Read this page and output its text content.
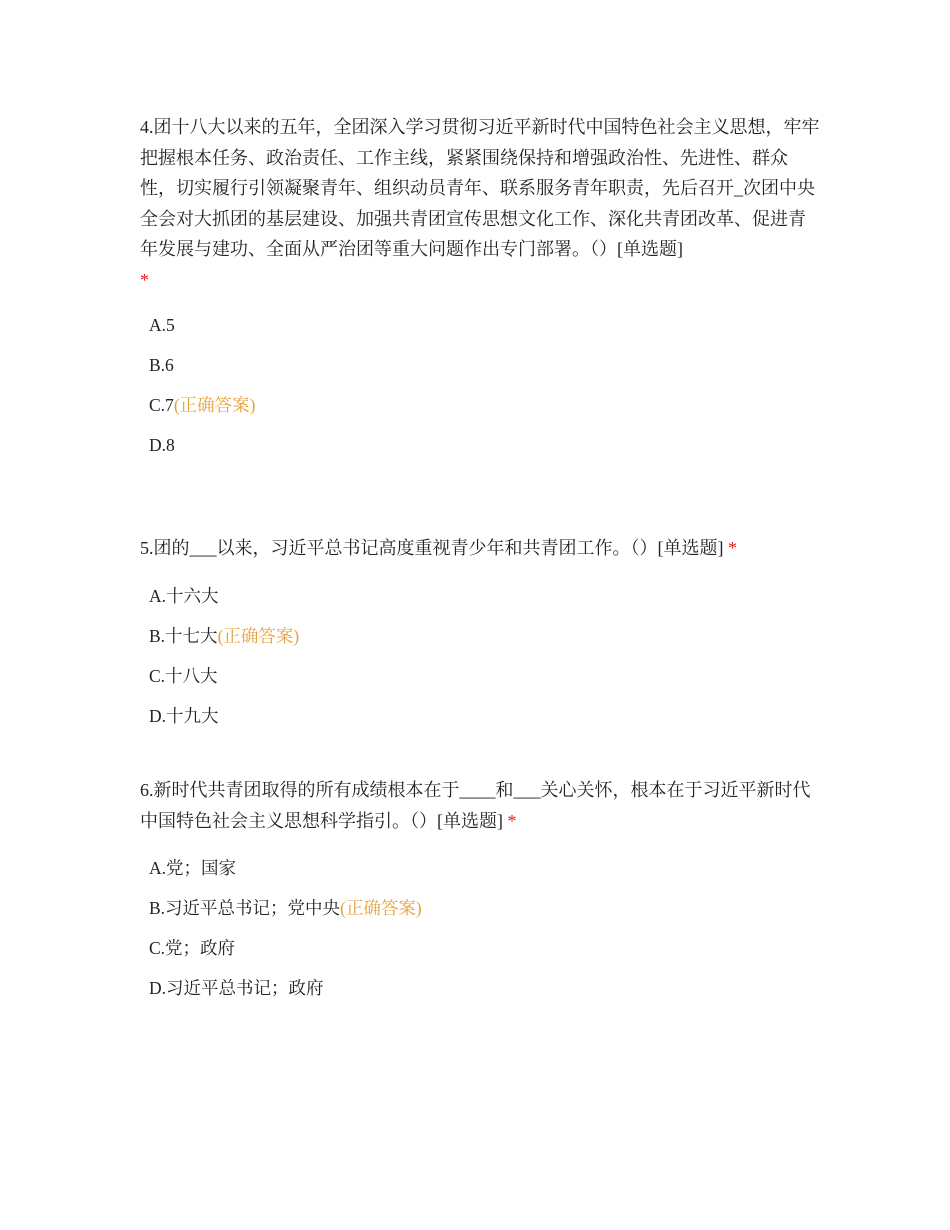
4.团十八大以来的五年，全团深入学习贯彻习近平新时代中国特色社会主义思想，牢牢把握根本任务、政治责任、工作主线，紧紧围绕保持和增强政治性、先进性、群众性，切实履行引领凝聚青年、组织动员青年、联系服务青年职责，先后召开_次团中央全会对大抓团的基层建设、加强共青团宣传思想文化工作、深化共青团改革、促进青年发展与建功、全面从严治团等重大问题作出专门部署。（）[单选题]
*

A.5
B.6
C.7(正确答案)
D.8

5.团的___以来，习近平总书记高度重视青少年和共青团工作。（）[单选题] *

A.十六大
B.十七大(正确答案)
C.十八大
D.十九大

6.新时代共青团取得的所有成绩根本在于____和___关心关怀，根本在于习近平新时代中国特色社会主义思想科学指引。（）[单选题] *

A.党；国家
B.习近平总书记；党中央(正确答案)
C.党；政府
D.习近平总书记；政府
